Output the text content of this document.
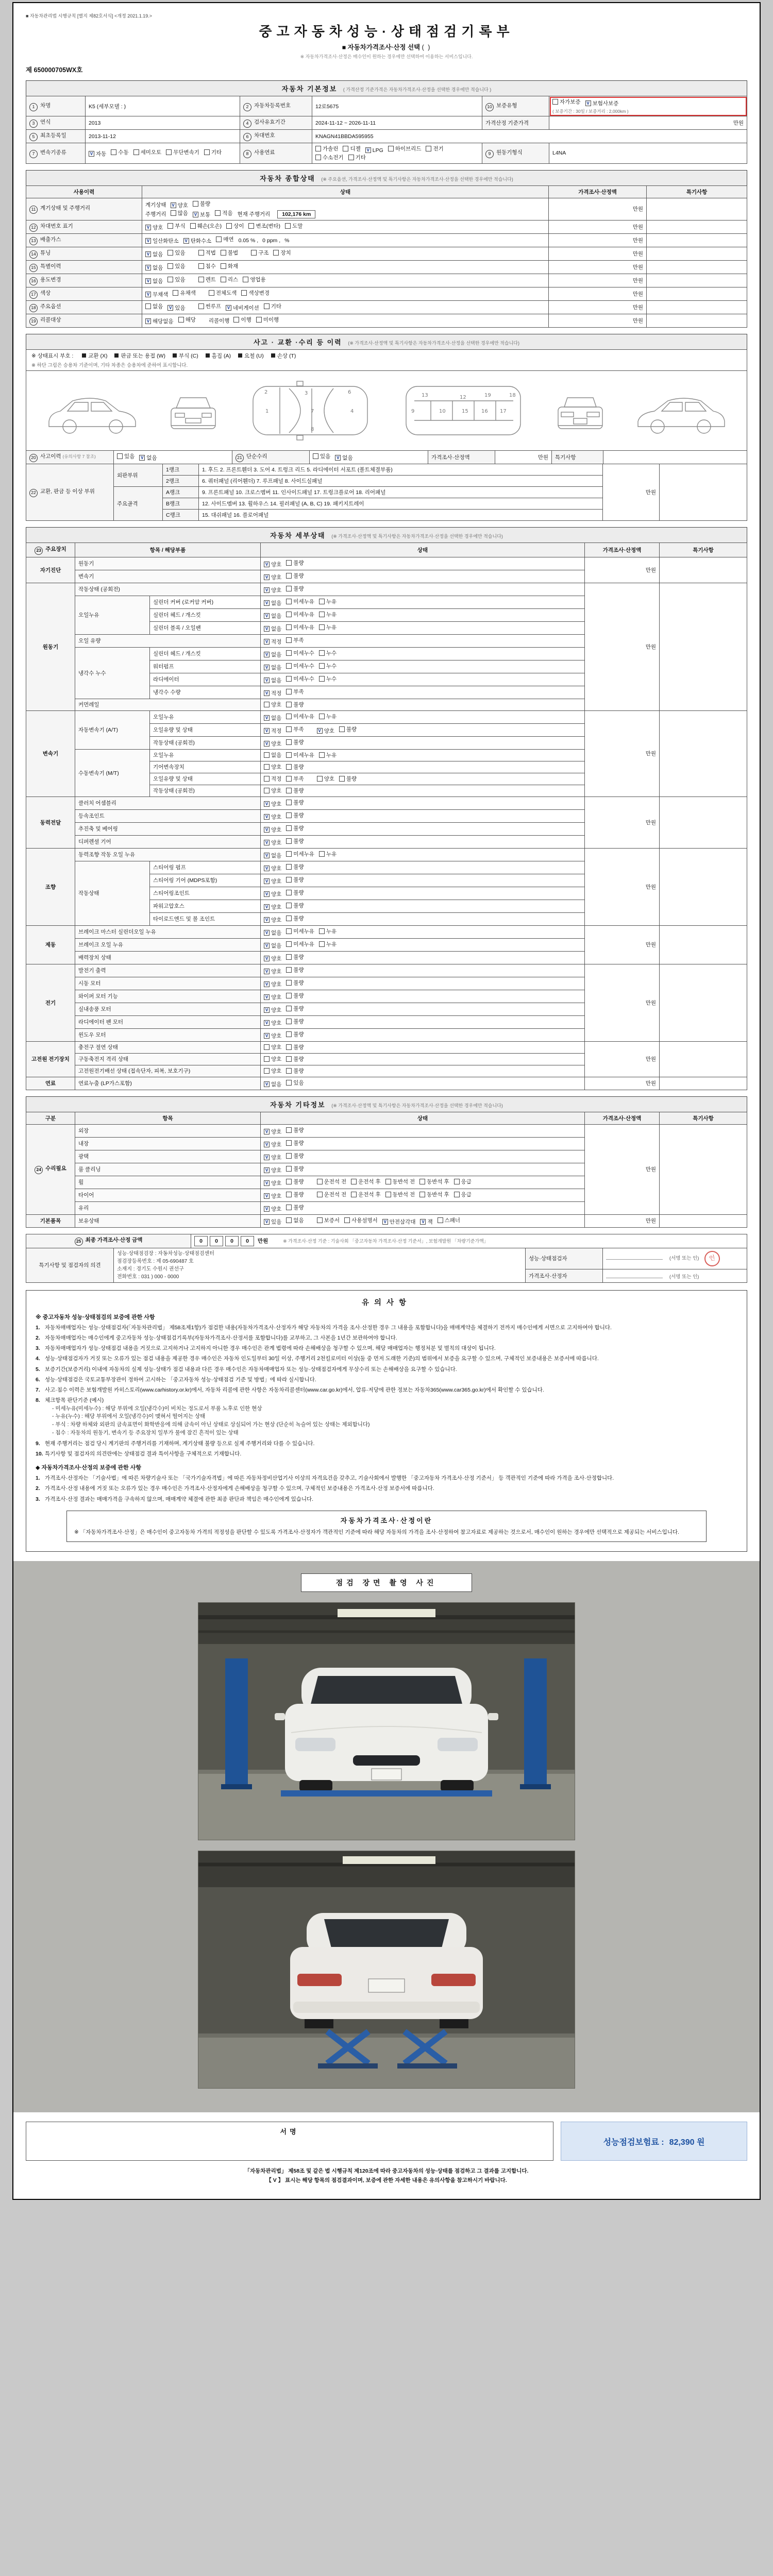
■ 자동차관리법 시행규칙 [별지 제82호서식] <개정 2021.1.19.>
중고자동차성능·상태점검기록부
■ 자동차가격조사·산정 선택 ( )
※ 자동차가격조사·산정은 매수인이 원하는 경우에만 선택하여 이용하는 서비스입니다.
제 650000705WX호
자동차 기본정보 ( 가격산정 기준가격은 자동차가격조사·산정을 선택한 경우에만 적습니다 )
1 차명	K5 (세부모델 : )	2 자동차등록번호	12로5675	10 보증유형	자가보증 V 보험사보증
( 보증기간 : 30일 / 보증거리 : 2,000km )

3 연식	2013	4 검사유효기간	2024-11-12 ~ 2026-11-11	가격산정 기준가격	만원
5 최초등록일	2013-11-12	6 차대번호	KNAGN41BBDA595955		
7 변속기종류	V 자동 수동 세미오토 무단변속기 기타	8 사용연료	
가솔린 디젤	V LPG 하이브리드 전기
수소전기 기타
	9 원동기형식	L4NA
자동차 종합상태 (※ 주요옵션, 가격조사·산정액 및 특기사항은 자동차가격조사·산정을 선택한 경우에만 적습니다)
사용이력	상태	가격조사·산정액	특기사항
11 계기상태 및 주행거리	계기상태	V 양호 불량

주행거리 많음	V 보통 적음 현재 주행거리 102,176 km	만원	
12 차대번호 표기	V 양호 부식 훼손(오손) 상이 변조(변타) 도말	만원	
13 배출가스	V 일산화탄소	V 탄화수소 매연 0.05 % , 0 ppm , %	만원	
14 튜닝	V 없음 있음	적법 불법	구조 장치	만원	
15 특별이력	V 없음 있음 침수 화재	만원	
16 용도변경	V 없음 있음	렌트 리스 영업용	만원	
17 색상	V 무채색 유채색 전체도색 색상변경	만원	
18 주요옵션	없음	V 있음	썬루프	V 네비게이션 기타	만원	
19 리콜대상	V 해당없음 해당 리콜이행 이행 미이행	만원	
사고 · 교환 ·수리 등 이력 (※ 가격조사·산정액 및 특기사항은 자동차가격조사·산정을 선택한 경우에만 적습니다)
※ 상태표시 부호 :	교환 (X) 판금 또는 용접 (W) 부식 (C) 흠집 (A) 요철 (U) 손상 (T)
※ 하단 그림은 승용차 기준이며, 기타 차종은 승용차에 준하여 표시합니다.
1	7	4
2	3	6
8
9	10
12
13
15	16 17
18
19
20 사고이력 (유의사항 7 참조)	있음	V 없음	21 단순수리	있음	V 없음	가격조사·산정액	만원	특기사항	
22 교환, 판금 등 이상 부위	외판부위	1랭크	1. 후드 2. 프론트휀더 3. 도어 4. 트렁크 리드 5. 라디에이터 서포트 (볼트체결부품)	만원	
		2랭크	6. 쿼터패널 (리어휀더) 7. 루프패널 8. 사이드실패널		
	주요골격	A랭크	9. 프론트패널 10. 크로스멤버 11. 인사이드패널 17. 트렁크플로어 18. 리어패널		
		B랭크	12. 사이드멤버 13. 휠하우스 14. 필러패널 (A, B, C) 19. 패키지트레이		
		C랭크	15. 대쉬패널 16. 플로어패널		
자동차 세부상태 (※ 가격조사·산정액 및 특기사항은 자동차가격조사·산정을 선택한 경우에만 적습니다)
23 주요장치	항목 / 해당부품		상태	가격조사·산정액	특기사항
자기진단	원동기		V 양호 불량	만원	
	변속기		V 양호 불량		

원동기	작동상태 (공회전)		V 양호 불량	만원	
	오일누유	실린더 커버 (로커암 커버)	V 없음 미세누유 누유		

		실린더 헤드 / 개스킷	V 없음 미세누유 누유		

		실린더 블록 / 오일팬	V 없음 미세누유 누유		

	오일 유량		V 적정 부족		

	냉각수 누수	실린더 헤드 / 개스킷	V 없음 미세누수 누수		

		워터펌프	V 없음 미세누수 누수		

		라디에이터	V 없음 미세누수 누수		

		냉각수 수량	V 적정 부족		

	커먼레일		양호 불량		

변속기	자동변속기 (A/T)	오일누유	V 없음 미세누유 누유	만원	
오일유량 및 상태	V 적정 부족	V 양호 불량

		작동상태 (공회전)	V 양호 불량		

	수동변속기 (M/T)	오일누유	없음 미세누유 누유		

		기어변속장치	양호 불량		

		오일유량 및 상태	적정 부족 양호 불량		

		작동상태 (공회전)	양호 불량		

동력전달	클러치 어셈블리		V 양호 불량	만원	
	등속조인트		V 양호 불량		

	추진축 및 베어링		V 양호 불량		

	디퍼렌셜 기어		V 양호 불량		

조향	동력조향 작동 오일 누유		V 없음 미세누유 누유	만원	
	작동상태	스티어링 펌프	V 양호 불량		

		스티어링 기어 (MDPS포함)	V 양호 불량		

		스티어링조인트	V 양호 불량		

		파워고압호스	V 양호 불량		

		타이로드엔드 및 볼 조인트	V 양호 불량		

제동	브레이크 마스터 실린더오일 누유		V 없음 미세누유 누유	만원	
	브레이크 오일 누유		V 없음 미세누유 누유		

	배력장치 상태		V 양호 불량		

전기	발전기 출력		V 양호 불량	만원	
	시동 모터		V 양호 불량		

	와이퍼 모터 기능		V 양호 불량		

	실내송풍 모터		V 양호 불량		

	라디에이터 팬 모터		V 양호 불량		

	윈도우 모터		V 양호 불량		

고전원 전기장치	충전구 절연 상태		양호 불량	만원	
	구동축전지 격리 상태		양호 불량		

	고전원전기배선 상태 (접속단자, 피복, 보호기구)		양호 불량		

연료	연료누출 (LP가스포함)		V 없음 있음	만원	
자동차 기타정보 (※ 가격조사·산정액 및 특기사항은 자동차가격조사·산정을 선택한 경우에만 적습니다)
구분	항목	상태	가격조사·산정액	특기사항
24 수리필요	외장	V 양호 불량	만원	
	내장	V 양호 불량		

	광택	V 양호 불량		

	룸 클리닝	V 양호 불량		

휠	V 양호 불량	운전석 전 운전석 후 동반석 전 동반석 후 응급

타이어	V 양호 불량	운전석 전 운전석 후 동반석 전 동반석 후 응급

	유리	V 양호 불량		

기본품목	보유상태	V 있음 없음	보증서 사용설명서	V 안전삼각대	V 잭 스패너	만원	
25 최종 가격조사·산정 금액	0 0 0 0 만원	※ 가격조사·산정 기준 : 기술사회 「중고자동차 가격조사·산정 기준서」, 보험개발원 「차량기준가액」
특기사항 및 점검자의 의견	성능·상태점검장 : 자동차성능·상태점검센터
점검장등록번호 : 제 05-690487 호
소재지 : 경기도 수원시 권선구
전화번호 : 031 ) 000 - 0000	성능·상태점검자	(서명 또는 인) 인
		가격조사·산정자	(서명 또는 인)
유의사항
※ 중고자동차 성능·상태점검의 보증에 관한 사항
1. 자동차매매업자는 성능·상태점검자(「자동차관리법」 제58조제1항)가 점검한 내용(자동차가격조사·산정자가 해당 자동차의 가격을 조사·산정한 경우 그 내용을 포함합니다)을 매매계약을 체결하기 전까지 매수인에게 서면으로 고지하여야 합니다.
2. 자동차매매업자는 매수인에게 중고자동차 성능·상태점검기록부(자동차가격조사·산정서를 포함합니다)를 교부하고, 그 사본을 1년간 보관하여야 합니다.
3. 자동차매매업자가 성능·상태점검 내용을 거짓으로 고지하거나 고지하지 아니한 경우 매수인은 관계 법령에 따라 손해배상을 청구할 수 있으며, 해당 매매업자는 행정처분 및 벌칙의 대상이 됩니다.
4. 성능·상태점검자가 거짓 또는 오류가 있는 점검 내용을 제공한 경우 매수인은 자동차 인도일부터 30일 이상, 주행거리 2천킬로미터 이상(둘 중 먼저 도래한 기준)의 범위에서 보증을 요구할 수 있으며, 구체적인 보증내용은 보증서에 따릅니다.
5. 보증기간(보증거리) 이내에 자동차의 실제 성능·상태가 점검 내용과 다른 경우 매수인은 자동차매매업자 또는 성능·상태점검자에게 무상수리 또는 손해배상을 요구할 수 있습니다.
6. 성능·상태점검은 국토교통부장관이 정하여 고시하는 「중고자동차 성능·상태점검 기준 및 방법」에 따라 실시합니다.
7. 사고·침수 이력은 보험개발원 카히스토리(www.carhistory.or.kr)에서, 자동차 리콜에 관한 사항은 자동차리콜센터(www.car.go.kr)에서, 압류·저당에 관한 정보는 자동차365(www.car365.go.kr)에서 확인할 수 있습니다.
8. 체크항목 판단기준 (예시)
- 미세누유(미세누수) : 해당 부위에 오일(냉각수)이 비치는 정도로서 부품 노후로 인한 현상
- 누유(누수) : 해당 부위에서 오일(냉각수)이 맺혀서 떨어지는 상태
- 부식 : 차량 하체와 외판의 금속표면이 화학반응에 의해 금속이 아닌 상태로 상실되어 가는 현상 (단순히 녹슬어 있는 상태는 제외합니다)
- 침수 : 자동차의 원동기, 변속기 등 주요장치 일부가 물에 잠긴 흔적이 있는 상태
9. 현재 주행거리는 점검 당시 계기판의 주행거리를 기재하며, 계기상태 불량 등으로 실제 주행거리와 다를 수 있습니다.
10. 특기사항 및 점검자의 의견란에는 상태점검 결과 특이사항을 구체적으로 기재합니다.
◆ 자동차가격조사·산정의 보증에 관한 사항
1. 가격조사·산정자는 「기술사법」에 따른 차량기술사 또는 「국가기술자격법」에 따른 자동차정비산업기사 이상의 자격요건을 갖추고, 기술사회에서 발행한 「중고자동차 가격조사·산정 기준서」 등 객관적인 기준에 따라 가격을 조사·산정합니다.
2. 가격조사·산정 내용에 거짓 또는 오류가 있는 경우 매수인은 가격조사·산정자에게 손해배상을 청구할 수 있으며, 구체적인 보증내용은 가격조사·산정 보증서에 따릅니다.
3. 가격조사·산정 결과는 매매가격을 구속하지 않으며, 매매계약 체결에 관한 최종 판단과 책임은 매수인에게 있습니다.
자동차가격조사·산정이란
※ 「자동차가격조사·산정」은 매수인이 중고자동차 가격의 적정성을 판단할 수 있도록 가격조사·산정자가 객관적인 기준에 따라 해당 자동차의 가격을 조사·산정하여 참고자료로 제공하는 것으로서, 매수인이 원하는 경우에만 선택적으로 제공되는 서비스입니다.
점검 장면 촬영 사진
서명
성능점검보험료 : 82,390 원
「자동차관리법」 제58조 및 같은 법 시행규칙 제120조에 따라 중고자동차의 성능·상태를 점검하고 그 결과를 고지합니다.
【 V 】 표시는 해당 항목의 점검결과이며, 보증에 관한 자세한 내용은 유의사항을 참고하시기 바랍니다.
